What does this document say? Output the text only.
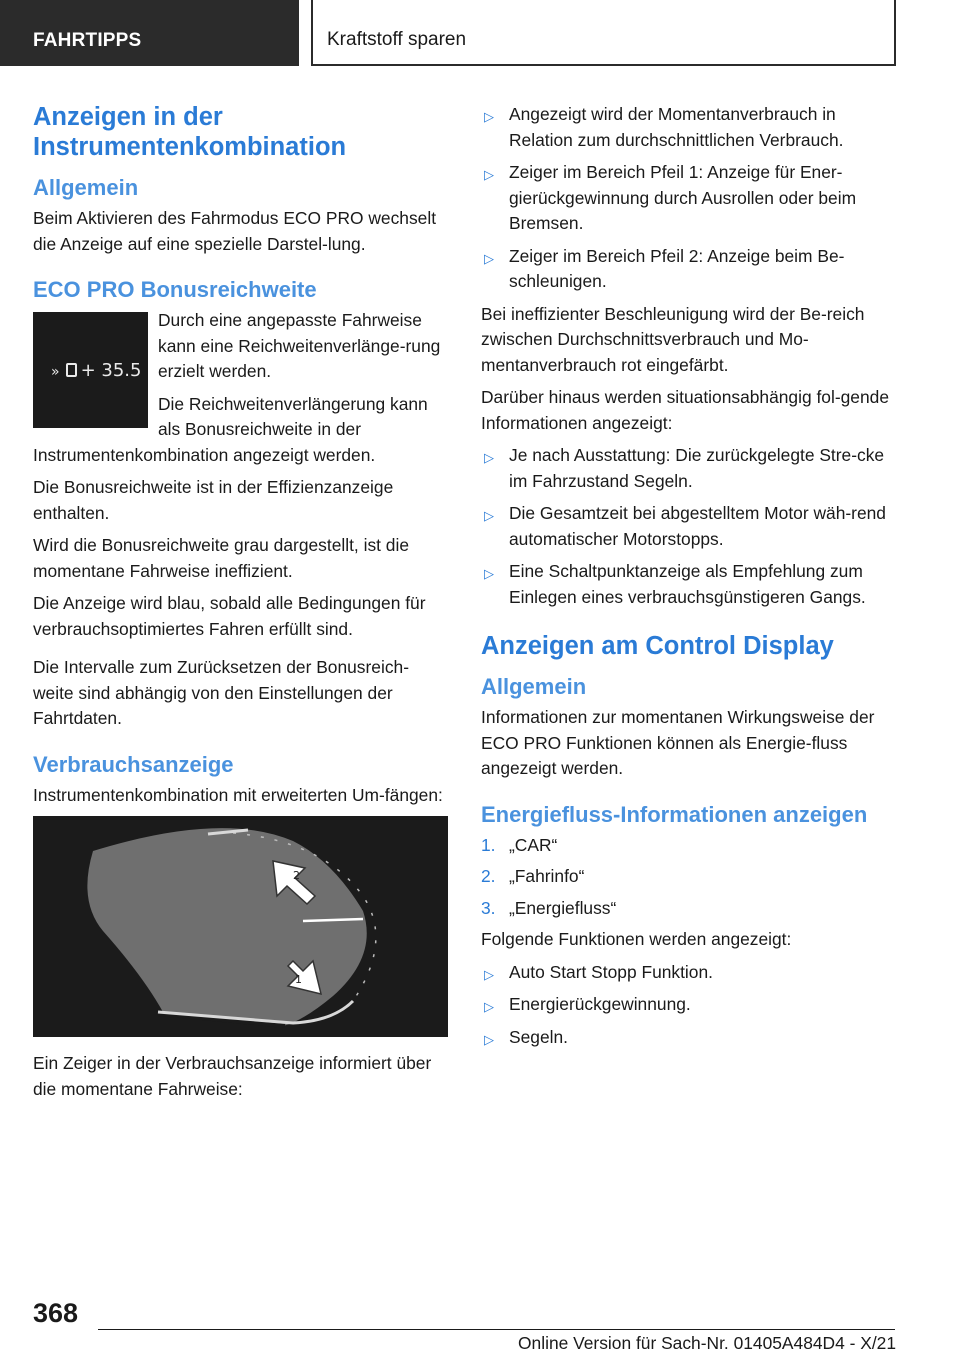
FAHRTIPPS	Kraftstoff sparen
Anzeigen in der Instrumentenkombination
Allgemein
Beim Aktivieren des Fahrmodus ECO PRO wechselt die Anzeige auf eine spezielle Darstel-lung.
ECO PRO Bonusreichweite
» + 35.5
Durch eine angepasste Fahrweise kann eine Reichweitenverlänge-rung erzielt werden.
Die Reichweitenverlängerung kann als Bonusreichweite in der Instrumentenkombination angezeigt werden.
Die Bonusreichweite ist in der Effizienzanzeige enthalten.
Wird die Bonusreichweite grau dargestellt, ist die momentane Fahrweise ineffizient.
Die Anzeige wird blau, sobald alle Bedingungen für verbrauchsoptimiertes Fahren erfüllt sind.
Die Intervalle zum Zurücksetzen der Bonusreich-weite sind abhängig von den Einstellungen der Fahrtdaten.
Verbrauchsanzeige
Instrumentenkombination mit erweiterten Um-fängen:
2
1
Ein Zeiger in der Verbrauchsanzeige informiert über die momentane Fahrweise:
▷ Angezeigt wird der Momentanverbrauch in Relation zum durchschnittlichen Verbrauch.
▷ Zeiger im Bereich Pfeil 1: Anzeige für Ener-gierückgewinnung durch Ausrollen oder beim Bremsen.
▷ Zeiger im Bereich Pfeil 2: Anzeige beim Be-schleunigen.
Bei ineffizienter Beschleunigung wird der Be-reich zwischen Durchschnittsverbrauch und Mo-mentanverbrauch rot eingefärbt.
Darüber hinaus werden situationsabhängig fol-gende Informationen angezeigt:
▷ Je nach Ausstattung: Die zurückgelegte Stre-cke im Fahrzustand Segeln.
▷ Die Gesamtzeit bei abgestelltem Motor wäh-rend automatischer Motorstopps.
▷ Eine Schaltpunktanzeige als Empfehlung zum Einlegen eines verbrauchsgünstigeren Gangs.
Anzeigen am Control Display
Allgemein
Informationen zur momentanen Wirkungsweise der ECO PRO Funktionen können als Energie-fluss angezeigt werden.
Energiefluss-Informationen anzeigen
1. „CAR“
2. „Fahrinfo“
3. „Energiefluss“
Folgende Funktionen werden angezeigt:
▷ Auto Start Stopp Funktion.
▷ Energierückgewinnung.
▷ Segeln.
368
Online Version für Sach-Nr. 01405A484D4 - X/21
